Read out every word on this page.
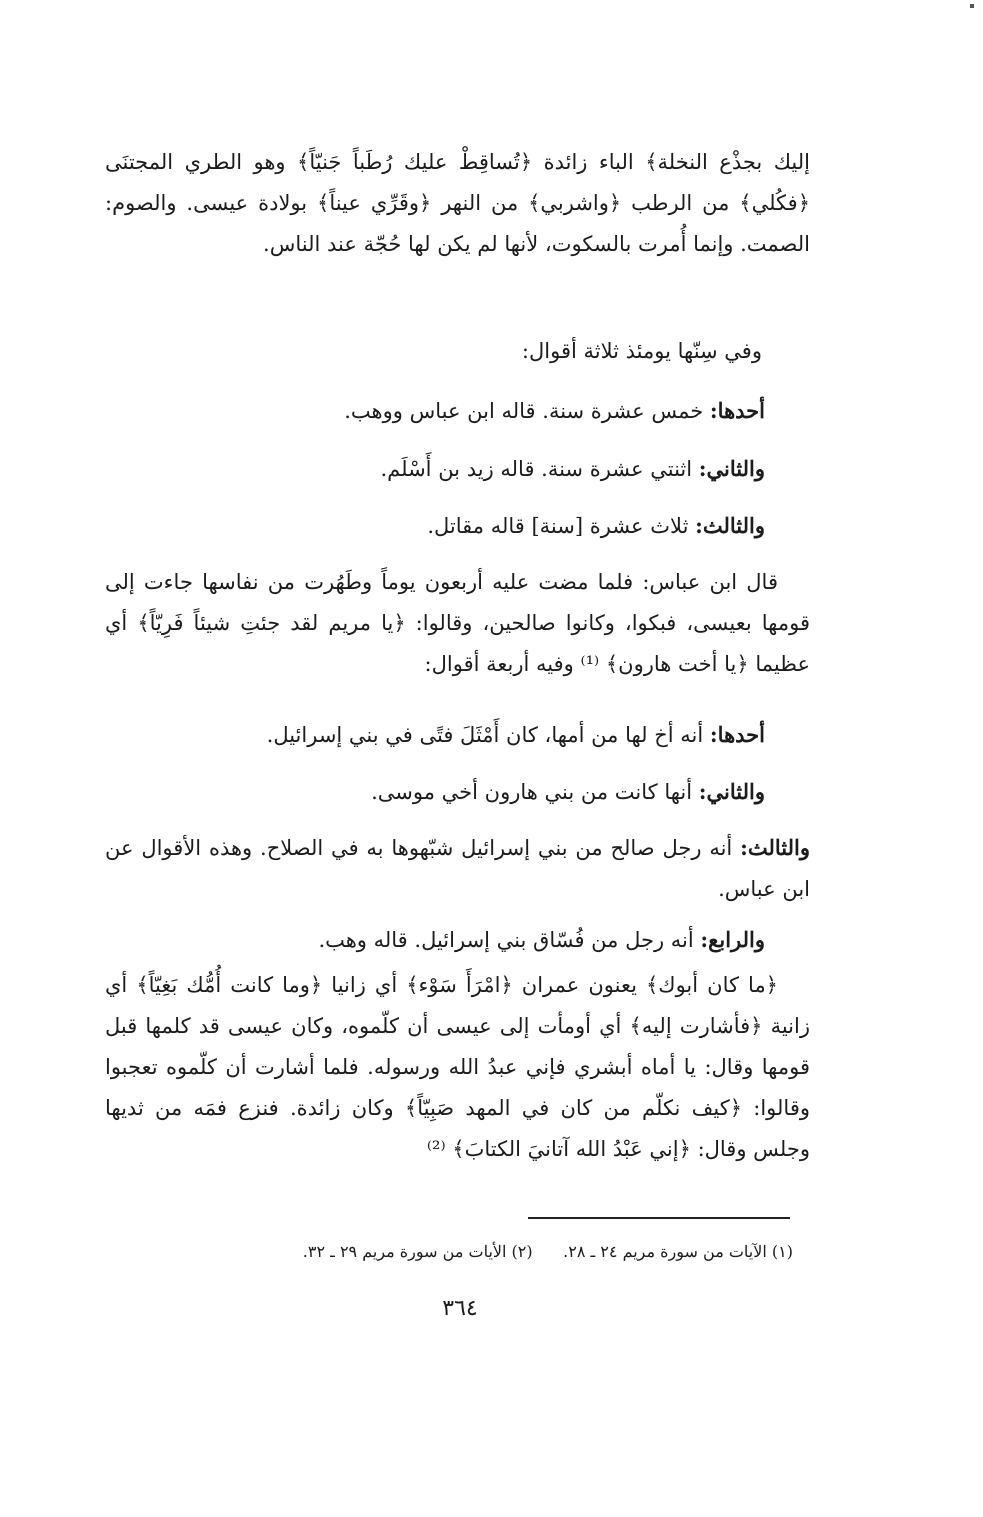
إليك بجذْع النخلة﴾ الباء زائدة ﴿تُساقِطْ عليك رُطَباً جَنيّاً﴾ وهو الطري المجتنَى ﴿فكُلي﴾ من الرطب ﴿واشربي﴾ من النهر ﴿وقَرِّي عيناً﴾ بولادة عيسى. والصوم: الصمت. وإنما أُمرت بالسكوت، لأنها لم يكن لها حُجّة عند الناس.

وفي سِنّها يومئذ ثلاثة أقوال:

أحدها: خمس عشرة سنة. قاله ابن عباس ووهب.
والثاني: اثنتي عشرة سنة. قاله زيد بن أَسْلَم.
والثالث: ثلاث عشرة [سنة] قاله مقاتل.

قال ابن عباس: فلما مضت عليه أربعون يوماً وطَهُرت من نفاسها جاءت إلى قومها بعيسى، فبكوا، وكانوا صالحين، وقالوا: ﴿يا مريم لقد جئتِ شيئاً فَرِيّاً﴾ أي عظيما ﴿يا أخت هارون﴾ ⁽¹⁾ وفيه أربعة أقوال:

أحدها: أنه أخ لها من أمها، كان أَمْثَلَ فتًى في بني إسرائيل.
والثاني: أنها كانت من بني هارون أخي موسى.
والثالث: أنه رجل صالح من بني إسرائيل شبّهوها به في الصلاح. وهذه الأقوال عن ابن عباس.
والرابع: أنه رجل من فُسّاق بني إسرائيل. قاله وهب.

﴿ما كان أبوك﴾ يعنون عمران ﴿امْرَأَ سَوْء﴾ أي زانيا ﴿وما كانت أُمُّك بَغِيّاً﴾ أي زانية ﴿فأشارت إليه﴾ أي أومأت إلى عيسى أن كلّموه، وكان عيسى قد كلمها قبل قومها وقال: يا أماه أبشري فإني عبدُ الله ورسوله. فلما أشارت أن كلّموه تعجبوا وقالوا: ﴿كيف نكلّم من كان في المهد صَبِيّاً﴾ وكان زائدة. فنزع فمَه من ثديها وجلس وقال: ﴿إني عَبْدُ الله آتانيَ الكتابَ﴾ ⁽²⁾

(١) الآيات من سورة مريم ٢٤ ـ ٢٨.      (٢) الأيات من سورة مريم ٢٩ ـ ٣٢.
٣٦٤
